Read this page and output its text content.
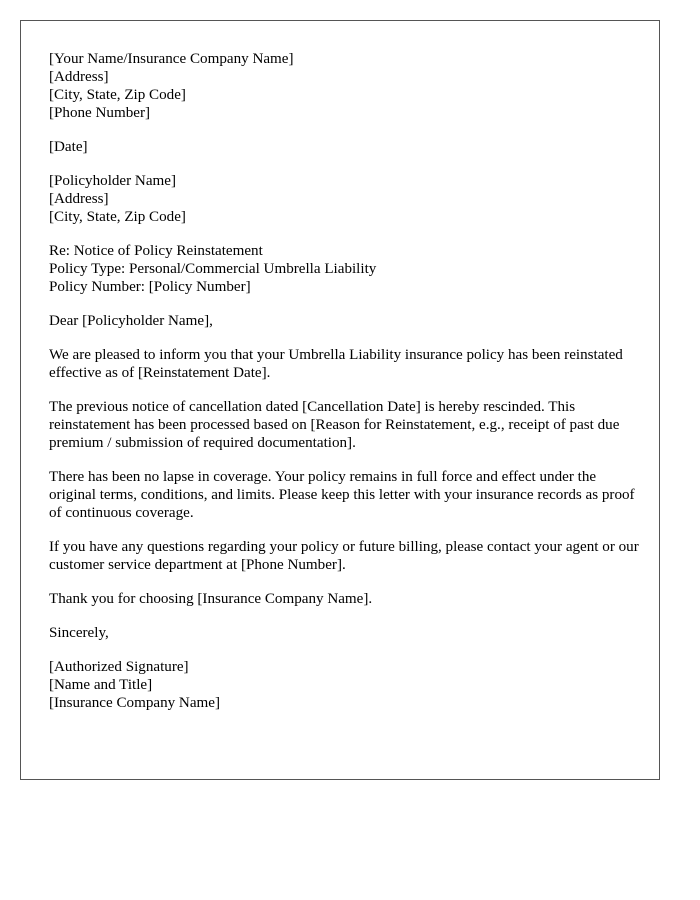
[Your Name/Insurance Company Name]
[Address]
[City, State, Zip Code]
[Phone Number]
[Date]
[Policyholder Name]
[Address]
[City, State, Zip Code]
Re: Notice of Policy Reinstatement
Policy Type: Personal/Commercial Umbrella Liability
Policy Number: [Policy Number]
Dear [Policyholder Name],
We are pleased to inform you that your Umbrella Liability insurance policy has been reinstated effective as of [Reinstatement Date].
The previous notice of cancellation dated [Cancellation Date] is hereby rescinded. This reinstatement has been processed based on [Reason for Reinstatement, e.g., receipt of past due premium / submission of required documentation].
There has been no lapse in coverage. Your policy remains in full force and effect under the original terms, conditions, and limits. Please keep this letter with your insurance records as proof of continuous coverage.
If you have any questions regarding your policy or future billing, please contact your agent or our customer service department at [Phone Number].
Thank you for choosing [Insurance Company Name].
Sincerely,
[Authorized Signature]
[Name and Title]
[Insurance Company Name]
